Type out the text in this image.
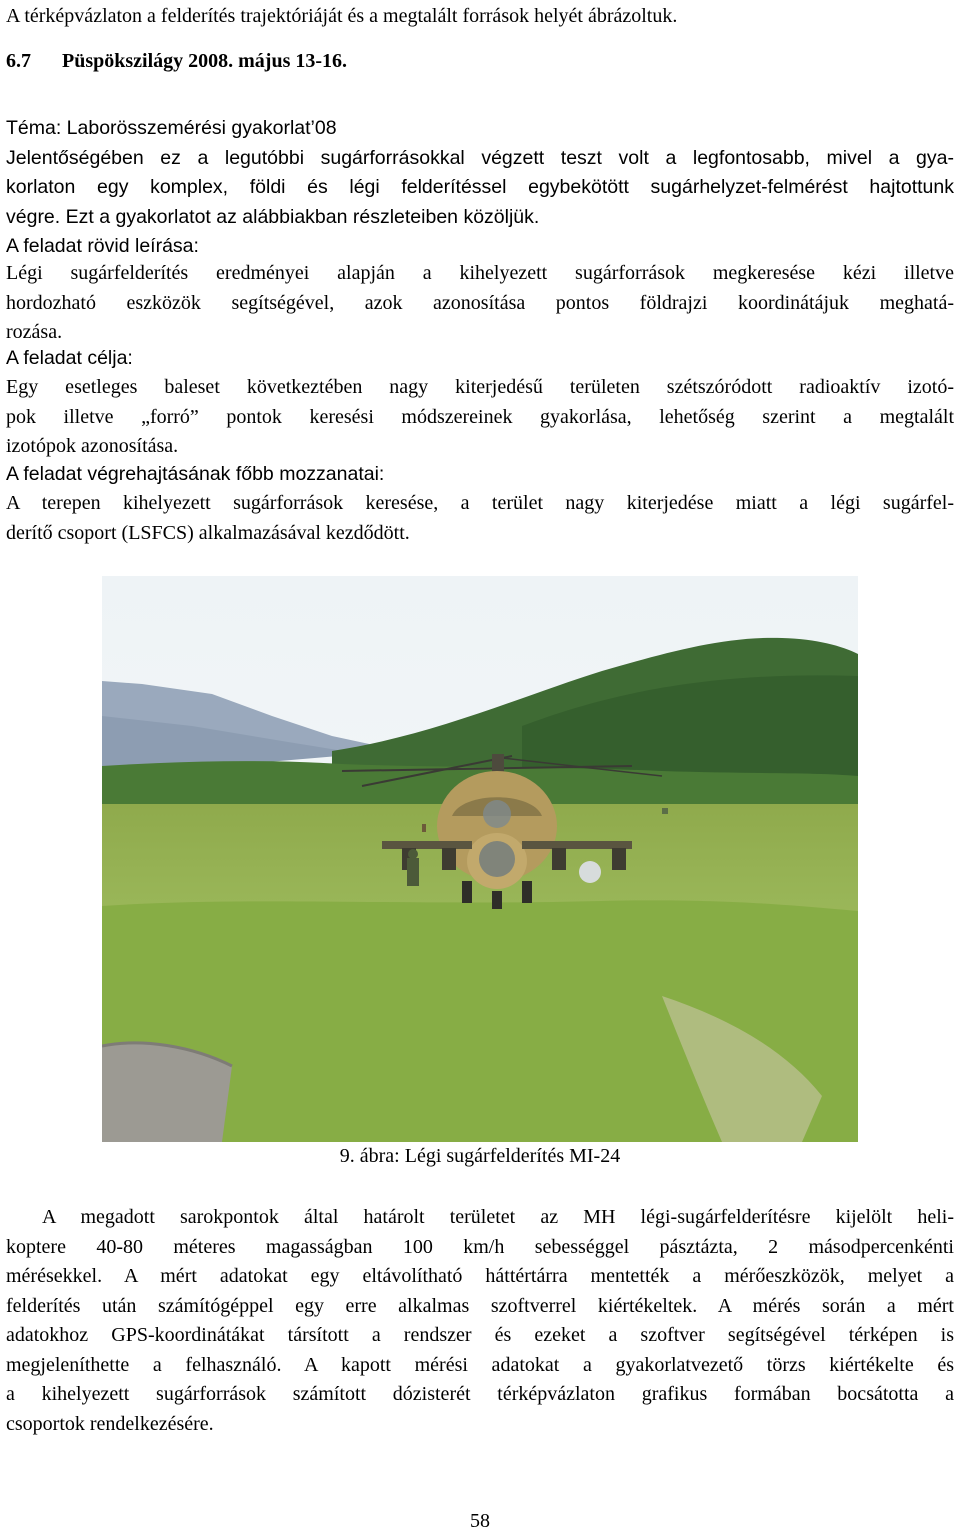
A térképvázlaton a felderítés trajektóriáját és a megtalált források helyét ábrázoltuk.

6.7 Püspökszilágy 2008. május 13-16.

Téma: Laborösszemérési gyakorlat’08
Jelentőségében ez a legutóbbi sugárforrásokkal végzett teszt volt a legfontosabb, mivel a gya-
korlaton egy komplex, földi és légi felderítéssel egybekötött sugárhelyzet-felmérést hajtottunk
végre. Ezt a gyakorlatot az alábbiakban részleteiben közöljük.
A feladat rövid leírása:
Légi sugárfelderítés eredményei alapján a kihelyezett sugárforrások megkeresése kézi illetve
hordozható eszközök segítségével, azok azonosítása pontos földrajzi koordinátájuk meghatá-
rozása.
A feladat célja:
Egy esetleges baleset következtében nagy kiterjedésű területen szétszóródott radioaktív izotó-
pok illetve „forró” pontok keresési módszereinek gyakorlása, lehetőség szerint a megtalált
izotópok azonosítása.
A feladat végrehajtásának főbb mozzanatai:
A terepen kihelyezett sugárforrások keresése, a terület nagy kiterjedése miatt a légi sugárfel-
derítő csoport (LSFCS) alkalmazásával kezdődött.

9. ábra: Légi sugárfelderítés MI-24

A megadott sarokpontok által határolt területet az MH légi-sugárfelderítésre kijelölt heli-
koptere 40-80 méteres magasságban 100 km/h sebességgel pásztázta, 2 másodpercenkénti
mérésekkel. A mért adatokat egy eltávolítható háttértárra mentették a mérőeszközök, melyet a
felderítés után számítógéppel egy erre alkalmas szoftverrel kiértékeltek. A mérés során a mért
adatokhoz GPS-koordinátákat társított a rendszer és ezeket a szoftver segítségével térképen is
megjeleníthette a felhasználó. A kapott mérési adatokat a gyakorlatvezető törzs kiértékelte és
a kihelyezett sugárforrások számított dózisterét térképvázlaton grafikus formában bocsátotta a
csoportok rendelkezésére.

58
